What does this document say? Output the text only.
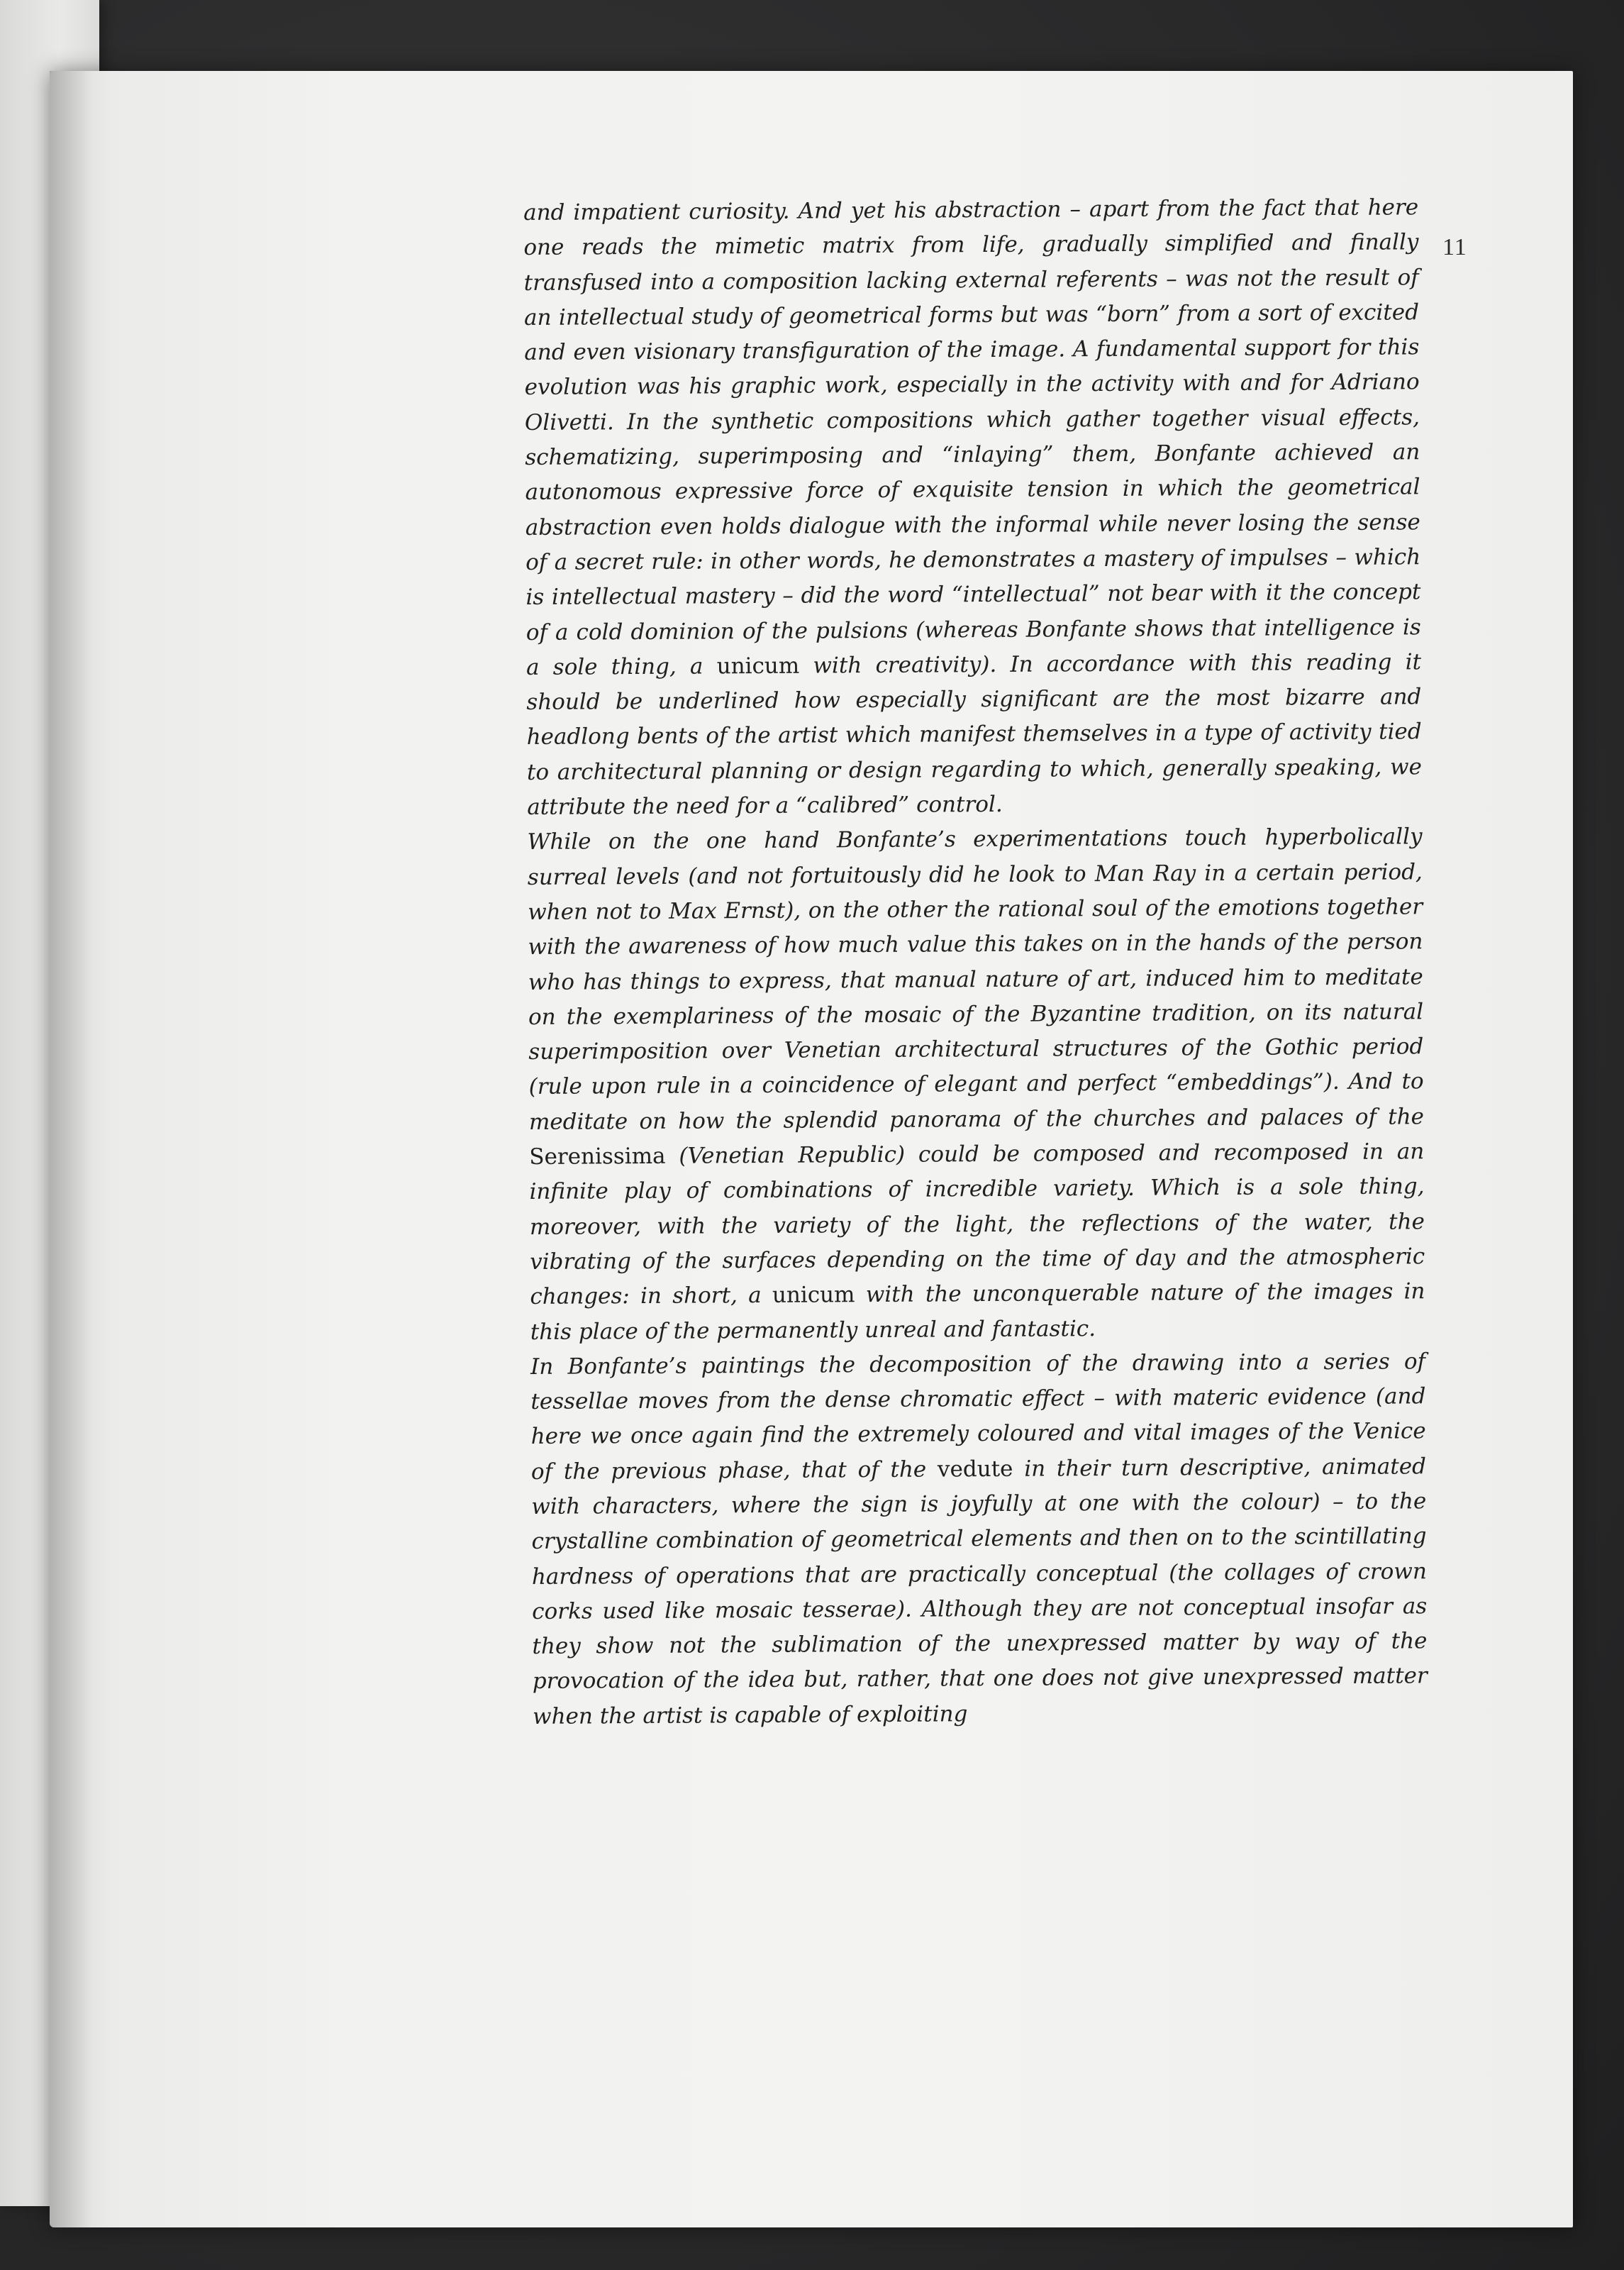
11

and impatient curiosity. And yet his abstraction – apart from the fact that here one reads the mimetic matrix from life, gradually simplified and finally transfused into a composition lacking external referents – was not the result of an intellectual study of geometrical forms but was “born” from a sort of excited and even visionary transfiguration of the image. A fundamental support for this evolution was his graphic work, especially in the activity with and for Adriano Olivetti. In the synthetic compositions which gather together visual effects, schematizing, superimposing and “inlaying” them, Bonfante achieved an autonomous expressive force of exquisite tension in which the geometrical abstraction even holds dialogue with the informal while never losing the sense of a secret rule: in other words, he demonstrates a mastery of impulses – which is intellectual mastery – did the word “intellectual” not bear with it the concept of a cold dominion of the pulsions (whereas Bonfante shows that intelligence is a sole thing, a unicum with creativity). In accordance with this reading it should be underlined how especially significant are the most bizarre and headlong bents of the artist which manifest themselves in a type of activity tied to architectural planning or design regarding to which, generally speaking, we attribute the need for a “calibred” control.

While on the one hand Bonfante’s experimentations touch hyperbolically surreal levels (and not fortuitously did he look to Man Ray in a certain period, when not to Max Ernst), on the other the rational soul of the emotions together with the awareness of how much value this takes on in the hands of the person who has things to express, that manual nature of art, induced him to meditate on the exemplariness of the mosaic of the Byzantine tradition, on its natural superimposition over Venetian architectural structures of the Gothic period (rule upon rule in a coincidence of elegant and perfect “embeddings”). And to meditate on how the splendid panorama of the churches and palaces of the Serenissima (Venetian Republic) could be composed and recomposed in an infinite play of combinations of incredible variety. Which is a sole thing, moreover, with the variety of the light, the reflections of the water, the vibrating of the surfaces depending on the time of day and the atmospheric changes: in short, a unicum with the unconquerable nature of the images in this place of the permanently unreal and fantastic.

In Bonfante’s paintings the decomposition of the drawing into a series of tessellae moves from the dense chromatic effect – with materic evidence (and here we once again find the extremely coloured and vital images of the Venice of the previous phase, that of the vedute in their turn descriptive, animated with characters, where the sign is joyfully at one with the colour) – to the crystalline combination of geometrical elements and then on to the scintillating hardness of operations that are practically conceptual (the collages of crown corks used like mosaic tesserae). Although they are not conceptual insofar as they show not the sublimation of the unexpressed matter by way of the provocation of the idea but, rather, that one does not give unexpressed matter when the artist is capable of exploiting
